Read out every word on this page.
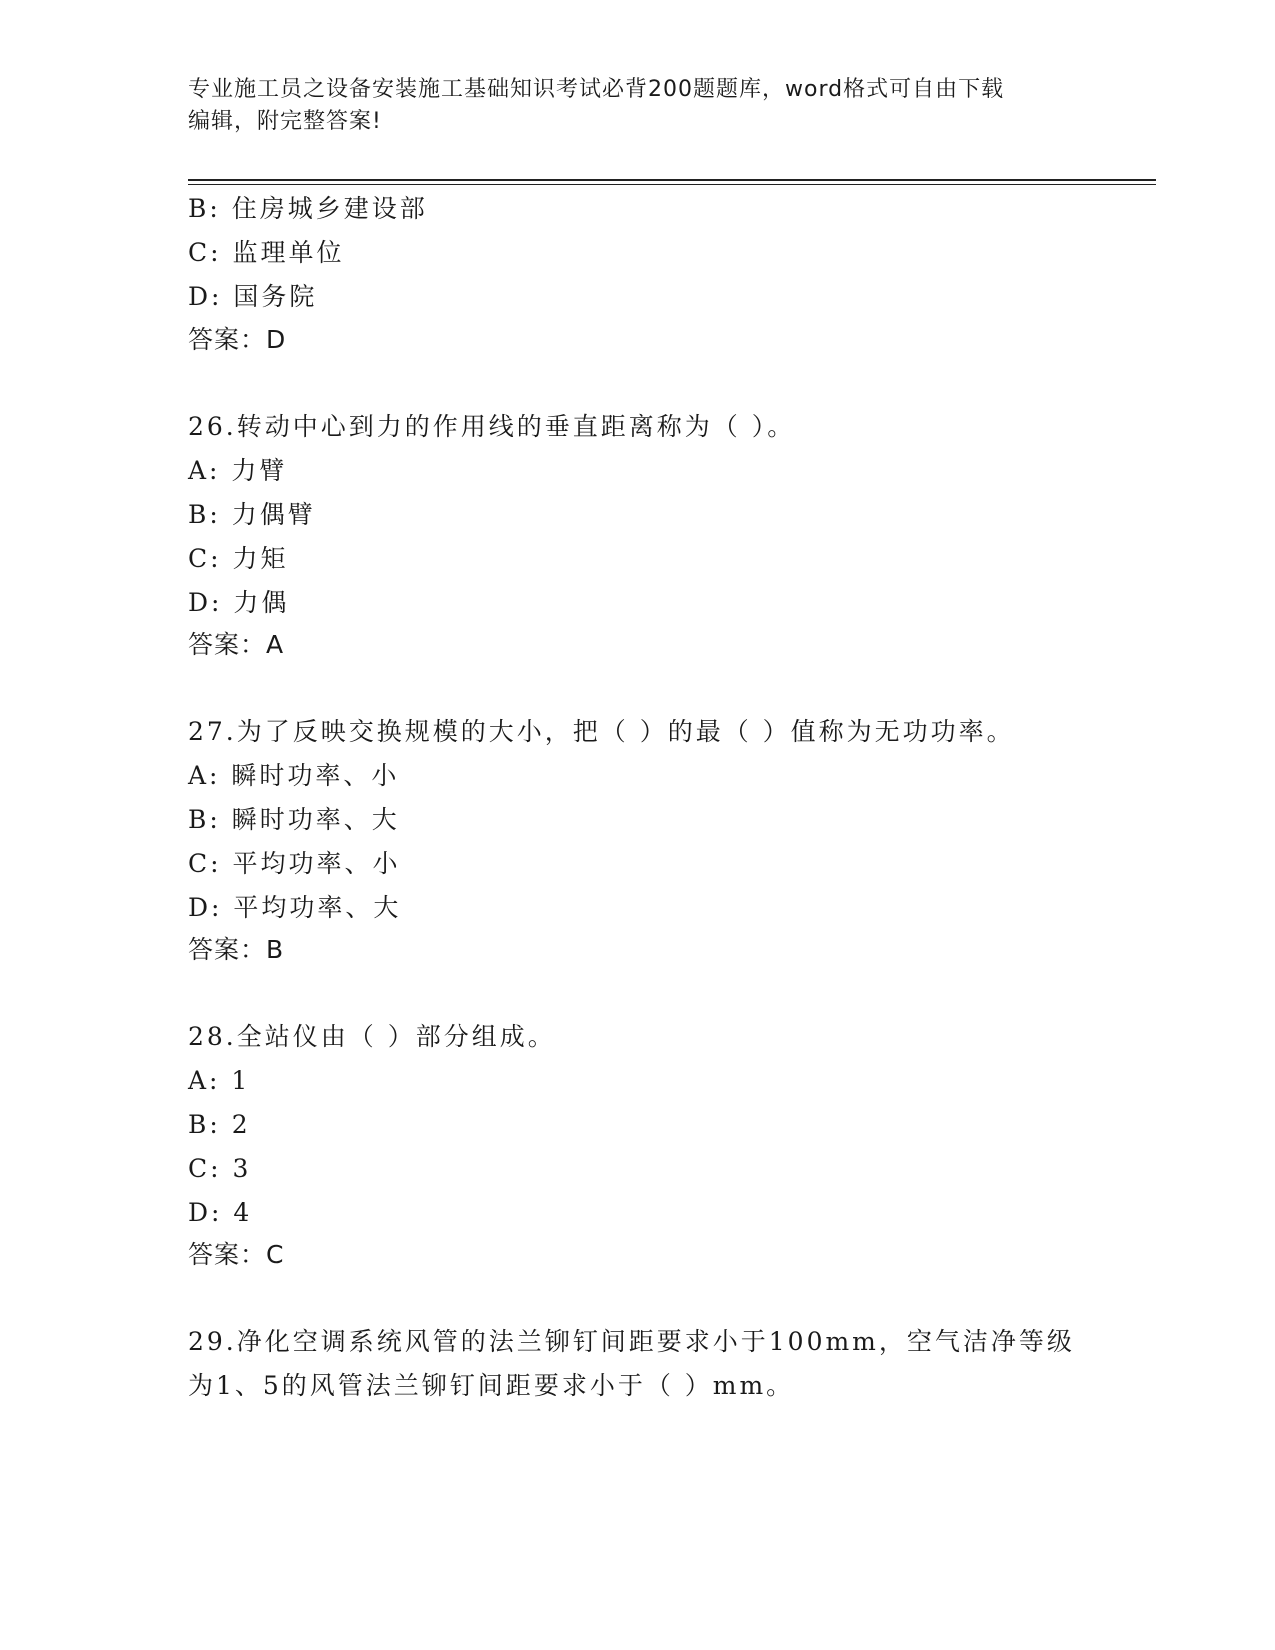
专业施工员之设备安装施工基础知识考试必背200题题库，word格式可自由下载
编辑，附完整答案!
B: 住房城乡建设部
C: 监理单位
D: 国务院
答案：D
26.转动中心到力的作用线的垂直距离称为（ ）。
A: 力臂
B: 力偶臂
C: 力矩
D: 力偶
答案：A
27.为了反映交换规模的大小，把（ ）的最（ ）值称为无功功率。
A: 瞬时功率、小
B: 瞬时功率、大
C: 平均功率、小
D: 平均功率、大
答案：B
28.全站仪由（ ）部分组成。
A: 1
B: 2
C: 3
D: 4
答案：C
29.净化空调系统风管的法兰铆钉间距要求小于100mm，空气洁净等级
为1、5的风管法兰铆钉间距要求小于（ ）mm。
